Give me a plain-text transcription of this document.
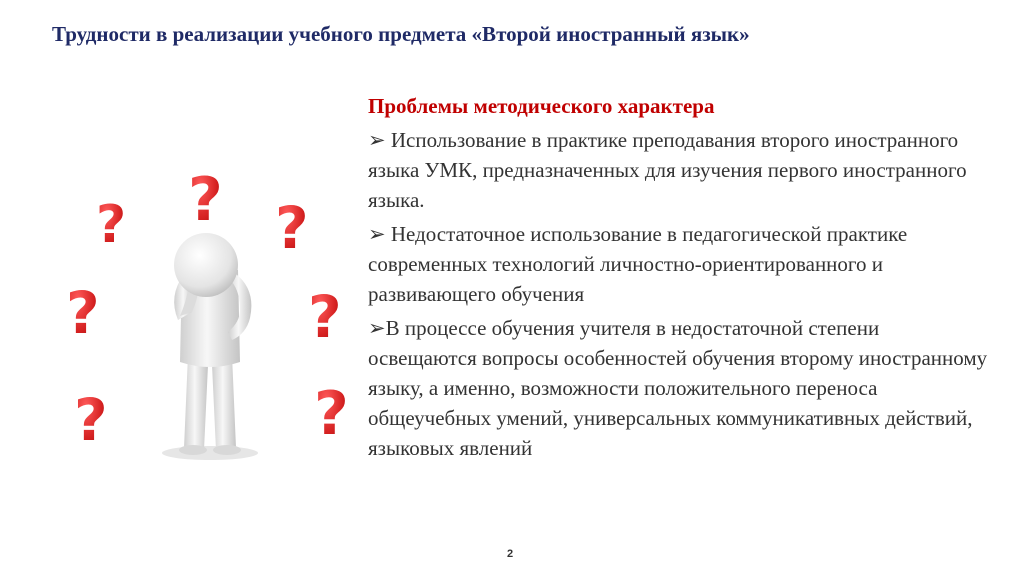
Трудности в реализации учебного предмета «Второй иностранный язык»
? ? ?
?	?
?	?
Проблемы методического характера
➢ Использование в практике преподавания второго иностранного языка УМК, предназначенных для изучения первого иностранного языка.
➢ Недостаточное использование в педагогической практике современных технологий личностно-ориентированного и развивающего обучения
➢В процессе обучения учителя в недостаточной степени освещаются вопросы особенностей обучения второму иностранному языку, а именно, возможности положительного переноса общеучебных умений, универсальных коммуникативных действий, языковых явлений
2
